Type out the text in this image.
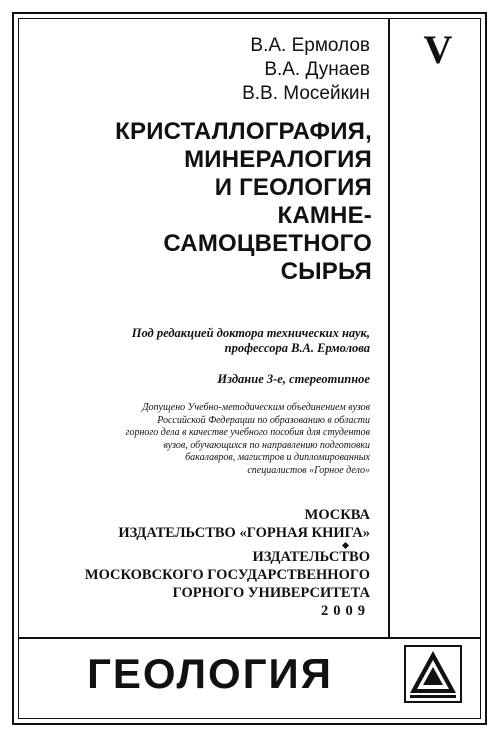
V
В.А. Ермолов
В.А. Дунаев
В.В. Мосейкин
КРИСТАЛЛОГРАФИЯ,
МИНЕРАЛОГИЯ
И ГЕОЛОГИЯ
КАМНЕ-
САМОЦВЕТНОГО
СЫРЬЯ
Под редакцией доктора технических наук,
профессора В.А. Ермолова
Издание 3-е, стереотипное
Допущено Учебно-методическим объединением вузов
Российской Федерации по образованию в области
горного дела в качестве учебного пособия для студентов
вузов, обучающихся по направлению подготовки
бакалавров, магистров и дипломированных
специалистов «Горное дело»
МОСКВА
ИЗДАТЕЛЬСТВО «ГОРНАЯ КНИГА»
ИЗДАТЕЛЬСТВО
МОСКОВСКОГО ГОСУДАРСТВЕННОГО
ГОРНОГО УНИВЕРСИТЕТА
2009
ГЕОЛОГИЯ
